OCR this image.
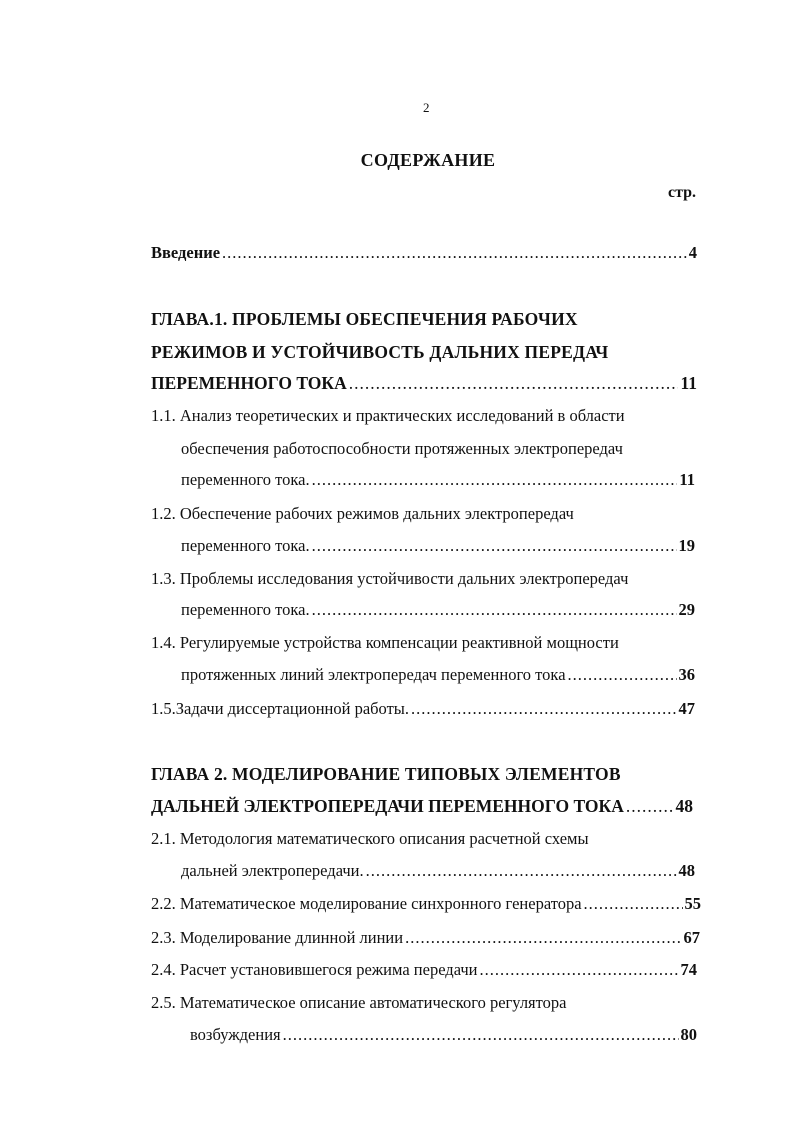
2
СОДЕРЖАНИЕ
стр.
Введение .....	4
ГЛАВА.1. ПРОБЛЕМЫ ОБЕСПЕЧЕНИЯ РАБОЧИХ
РЕЖИМОВ И УСТОЙЧИВОСТЬ ДАЛЬНИХ ПЕРЕДАЧ
ПЕРЕМЕННОГО ТОКА .....	11
1.1. Анализ теоретических и практических исследований в области
обеспечения работоспособности протяженных электропередач
переменного тока. .....	11
1.2. Обеспечение рабочих режимов дальних электропередач
переменного тока. .....	19
1.3. Проблемы исследования устойчивости дальних электропередач
переменного тока. .....	29
1.4. Регулируемые устройства компенсации реактивной мощности
протяженных линий электропередач переменного тока .....	36
1.5.Задачи диссертационной работы. .....	47
ГЛАВА 2. МОДЕЛИРОВАНИЕ ТИПОВЫХ ЭЛЕМЕНТОВ
ДАЛЬНЕЙ ЭЛЕКТРОПЕРЕДАЧИ ПЕРЕМЕННОГО ТОКА .....	48
2.1. Методология математического описания расчетной схемы
дальней электропередачи. .....	48
2.2. Математическое моделирование синхронного генератора .....	55
2.3. Моделирование длинной линии .....	67
2.4. Расчет установившегося режима передачи .....	74
2.5. Математическое описание автоматического регулятора
возбуждения .....	80
